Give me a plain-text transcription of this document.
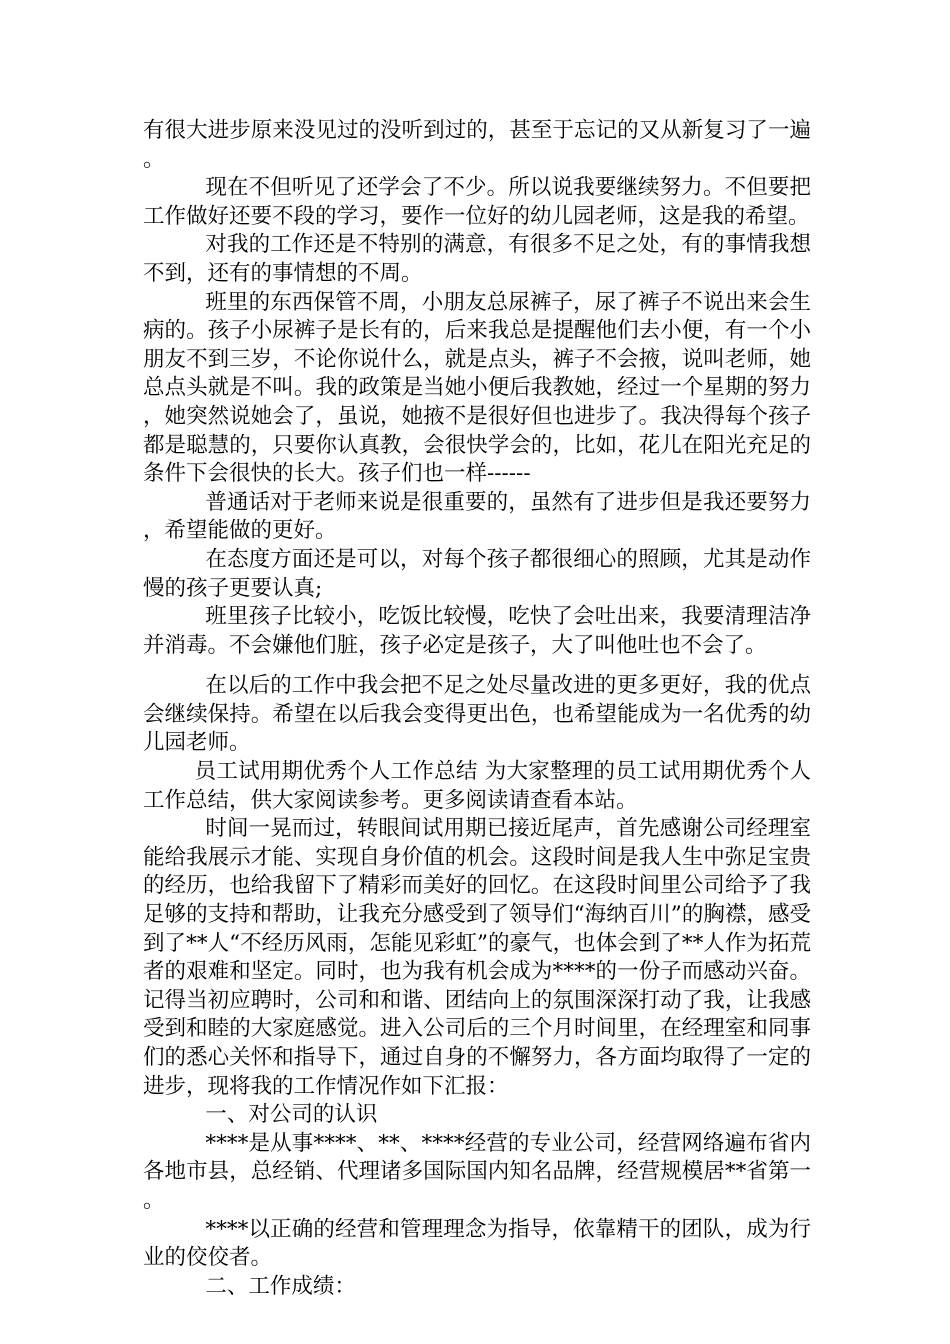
有很大进步原来没见过的没听到过的，甚至于忘记的又从新复习了一遍。

现在不但听见了还学会了不少。所以说我要继续努力。不但要把工作做好还要不段的学习，要作一位好的幼儿园老师，这是我的希望。

对我的工作还是不特别的满意，有很多不足之处，有的事情我想不到，还有的事情想的不周。

班里的东西保管不周，小朋友总尿裤子，尿了裤子不说出来会生病的。孩子小尿裤子是长有的，后来我总是提醒他们去小便，有一个小朋友不到三岁，不论你说什么，就是点头，裤子不会掖，说叫老师，她总点头就是不叫。我的政策是当她小便后我教她，经过一个星期的努力，她突然说她会了，虽说，她掖不是很好但也进步了。我决得每个孩子都是聪慧的，只要你认真教，会很快学会的，比如，花儿在阳光充足的条件下会很快的长大。孩子们也一样------

普通话对于老师来说是很重要的，虽然有了进步但是我还要努力，希望能做的更好。

在态度方面还是可以，对每个孩子都很细心的照顾，尤其是动作慢的孩子更要认真;

班里孩子比较小，吃饭比较慢，吃快了会吐出来，我要清理洁净并消毒。不会嫌他们脏，孩子必定是孩子，大了叫他吐也不会了。

在以后的工作中我会把不足之处尽量改进的更多更好，我的优点会继续保持。希望在以后我会变得更出色，也希望能成为一名优秀的幼儿园老师。

员工试用期优秀个人工作总结 为大家整理的员工试用期优秀个人工作总结，供大家阅读参考。更多阅读请查看本站。

时间一晃而过，转眼间试用期已接近尾声，首先感谢公司经理室能给我展示才能、实现自身价值的机会。这段时间是我人生中弥足宝贵的经历，也给我留下了精彩而美好的回忆。在这段时间里公司给予了我足够的支持和帮助，让我充分感受到了领导们“海纳百川”的胸襟，感受到了**人“不经历风雨，怎能见彩虹”的豪气，也体会到了**人作为拓荒者的艰难和坚定。同时，也为我有机会成为****的一份子而感动兴奋。记得当初应聘时，公司和和谐、团结向上的氛围深深打动了我，让我感受到和睦的大家庭感觉。进入公司后的三个月时间里，在经理室和同事们的悉心关怀和指导下，通过自身的不懈努力，各方面均取得了一定的进步，现将我的工作情况作如下汇报：

一、对公司的认识

****是从事****、**、****经营的专业公司，经营网络遍布省内各地市县，总经销、代理诸多国际国内知名品牌，经营规模居**省第一。

****以正确的经营和管理理念为指导，依靠精干的团队，成为行业的佼佼者。

二、工作成绩：
